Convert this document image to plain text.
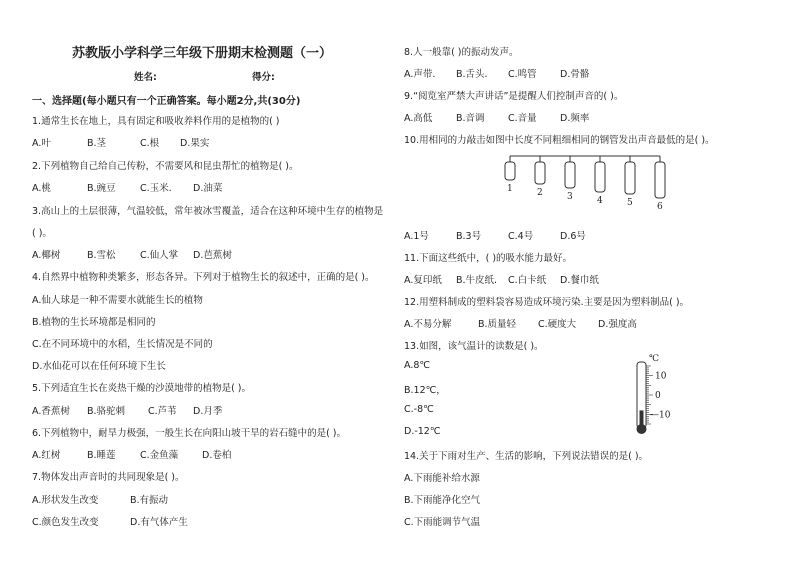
苏教版小学科学三年级下册期末检测题（一）
姓名:	得分:
一、选择题(每小题只有一个正确答案。每小题2分,共(30分)
1.通常生长在地上，具有固定和吸收养料作用的是植物的( )
A.叶	B.茎	C.根 D.果实
2.下列植物自己给自己传粉，不需要风和昆虫帮忙的植物是( )。
A.桃	B.豌豆	C.玉米. D.油菜
3.高山上的土层很薄，气温较低，常年被冰雪覆盖，适合在这种环境中生存的植物是
( )。
A.椰树	B.雪松	C.仙人掌 D.芭蕉树
4.自然界中植物种类繁多，形态各异。下列对于植物生长的叙述中，正确的是( )。
A.仙人球是一种不需要水就能生长的植物
B.植物的生长环境都是相同的
C.在不同环境中的水稻，生长情况是不同的
D.水仙花可以在任何环境下生长
5.下列适宜生长在炎热干燥的沙漠地带的植物是( )。
A.香蕉树 B.骆驼刺 C.芦苇 D.月季
6.下列植物中，耐旱力极强，一般生长在向阳山坡干旱的岩石缝中的是( )。
A.红树	B.睡莲	C.金鱼藻	D.卷柏
7.物体发出声音时的共同现象是( )。
A.形状发生改变	B.有振动
C.颜色发生改变	D.有气体产生
8.人一般靠( )的振动发声。
A.声带. B.舌头. C.鸣管 D.骨骼
9.“阅览室严禁大声讲话”是提醒人们控制声音的( )。
A.高低 B.音调 C.音量 D.频率
10.用相同的力敲击如图中长度不同粗细相同的钢管发出声音最低的是( )。
1	2	3	4	5	6
A.1号	B.3号	C.4号	D.6号
11.下面这些纸中，( )的吸水能力最好。
A.复印纸 B.牛皮纸. C.白卡纸 D.餐巾纸
12.用塑料制成的塑料袋容易造成环境污染.主要是因为塑料制品( )。
A.不易分解	B.质量轻 C.硬度大 D.强度高
13.如图，该气温计的读数是( )。
A.8℃
B.12℃，
C.-8℃
D.-12℃
℃
10
0
—10
14.关于下雨对生产、生活的影响，下列说法错误的是( )。
A.下雨能补给水源
B.下雨能净化空气
C.下雨能调节气温
